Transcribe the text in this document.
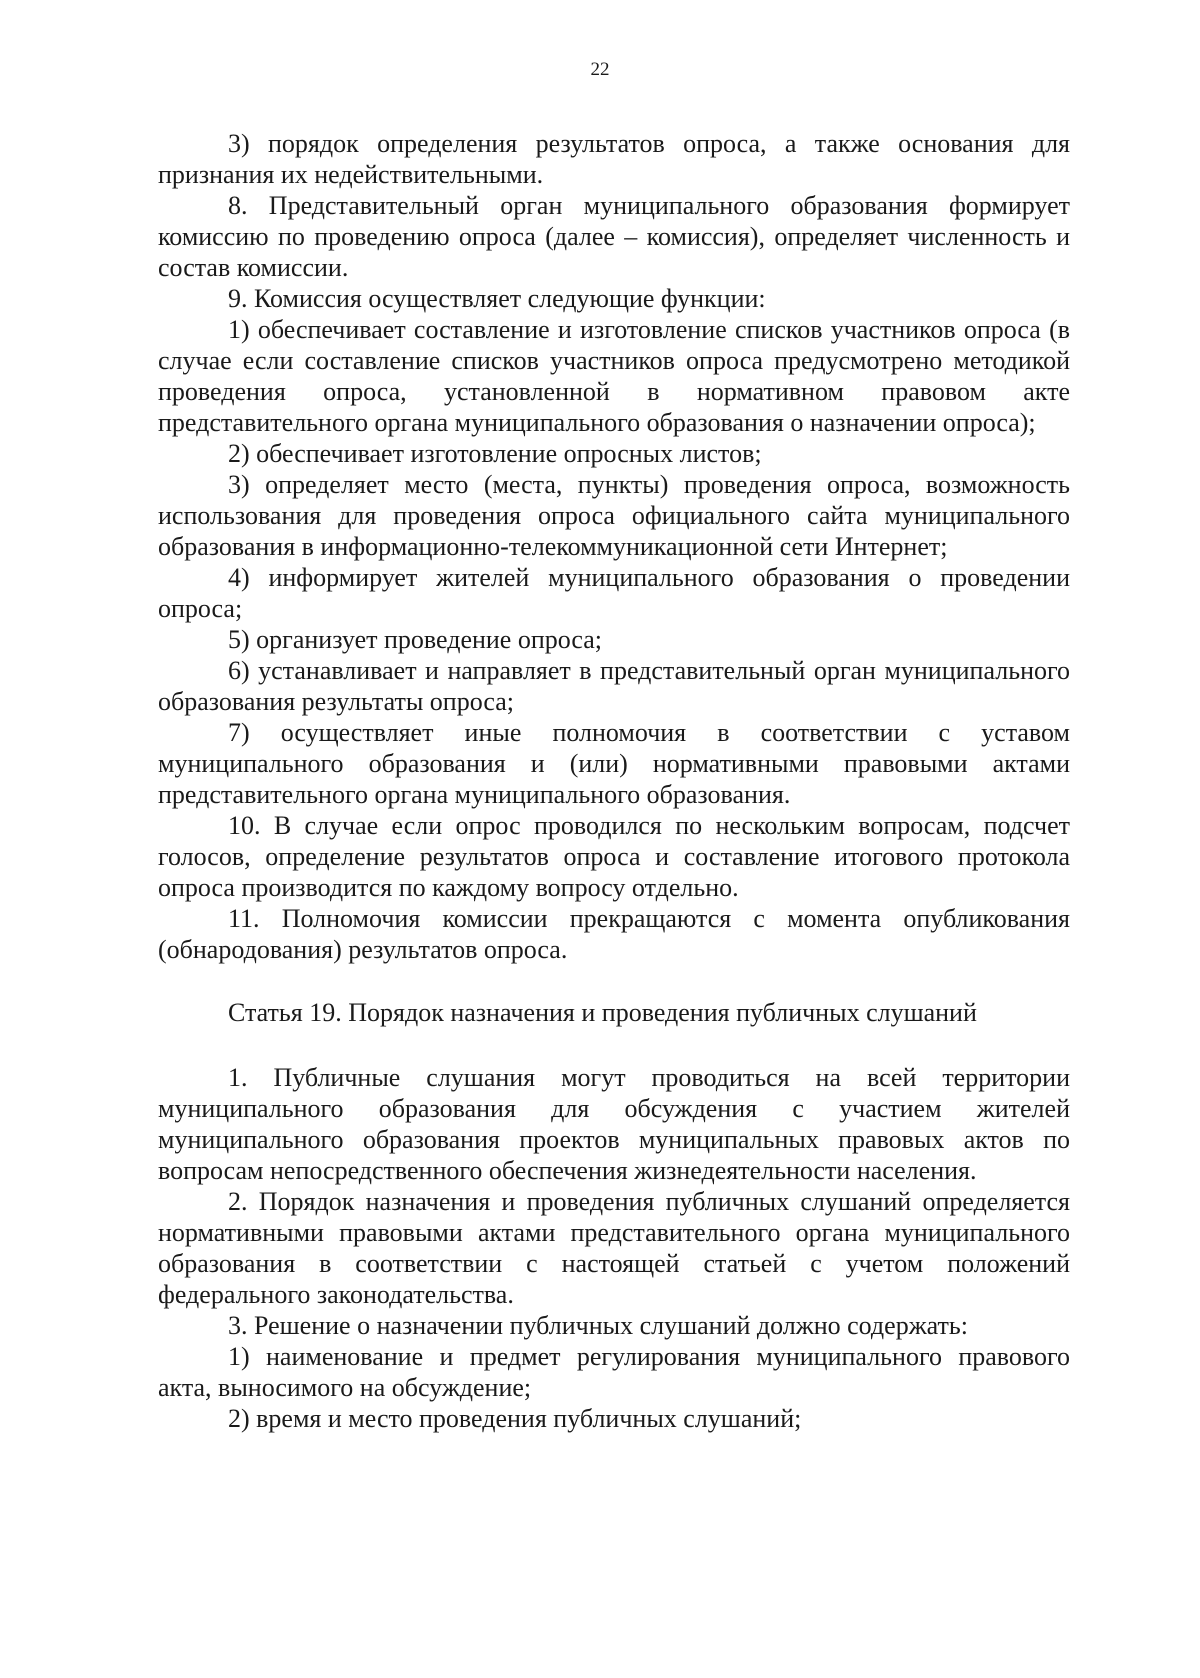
22

3) порядок определения результатов опроса, а также основания для признания их недействительными.

8. Представительный орган муниципального образования формирует комиссию по проведению опроса (далее – комиссия), определяет численность и состав комиссии.

9. Комиссия осуществляет следующие функции:

1) обеспечивает составление и изготовление списков участников опроса (в случае если составление списков участников опроса предусмотрено методикой проведения опроса, установленной в нормативном правовом акте представительного органа муниципального образования о назначении опроса);

2) обеспечивает изготовление опросных листов;

3) определяет место (места, пункты) проведения опроса, возможность использования для проведения опроса официального сайта муниципального образования в информационно-телекоммуникационной сети Интернет;

4) информирует жителей муниципального образования о проведении опроса;

5) организует проведение опроса;

6) устанавливает и направляет в представительный орган муниципального образования результаты опроса;

7) осуществляет иные полномочия в соответствии с уставом муниципального образования и (или) нормативными правовыми актами представительного органа муниципального образования.

10. В случае если опрос проводился по нескольким вопросам, подсчет голосов, определение результатов опроса и составление итогового протокола опроса производится по каждому вопросу отдельно.

11. Полномочия комиссии прекращаются с момента опубликования (обнародования) результатов опроса.

Статья 19. Порядок назначения и проведения публичных слушаний

1. Публичные слушания могут проводиться на всей территории муниципального образования для обсуждения с участием жителей муниципального образования проектов муниципальных правовых актов по вопросам непосредственного обеспечения жизнедеятельности населения.

2. Порядок назначения и проведения публичных слушаний определяется нормативными правовыми актами представительного органа муниципального образования в соответствии с настоящей статьей с учетом положений федерального законодательства.

3. Решение о назначении публичных слушаний должно содержать:

1) наименование и предмет регулирования муниципального правового акта, выносимого на обсуждение;

2) время и место проведения публичных слушаний;
